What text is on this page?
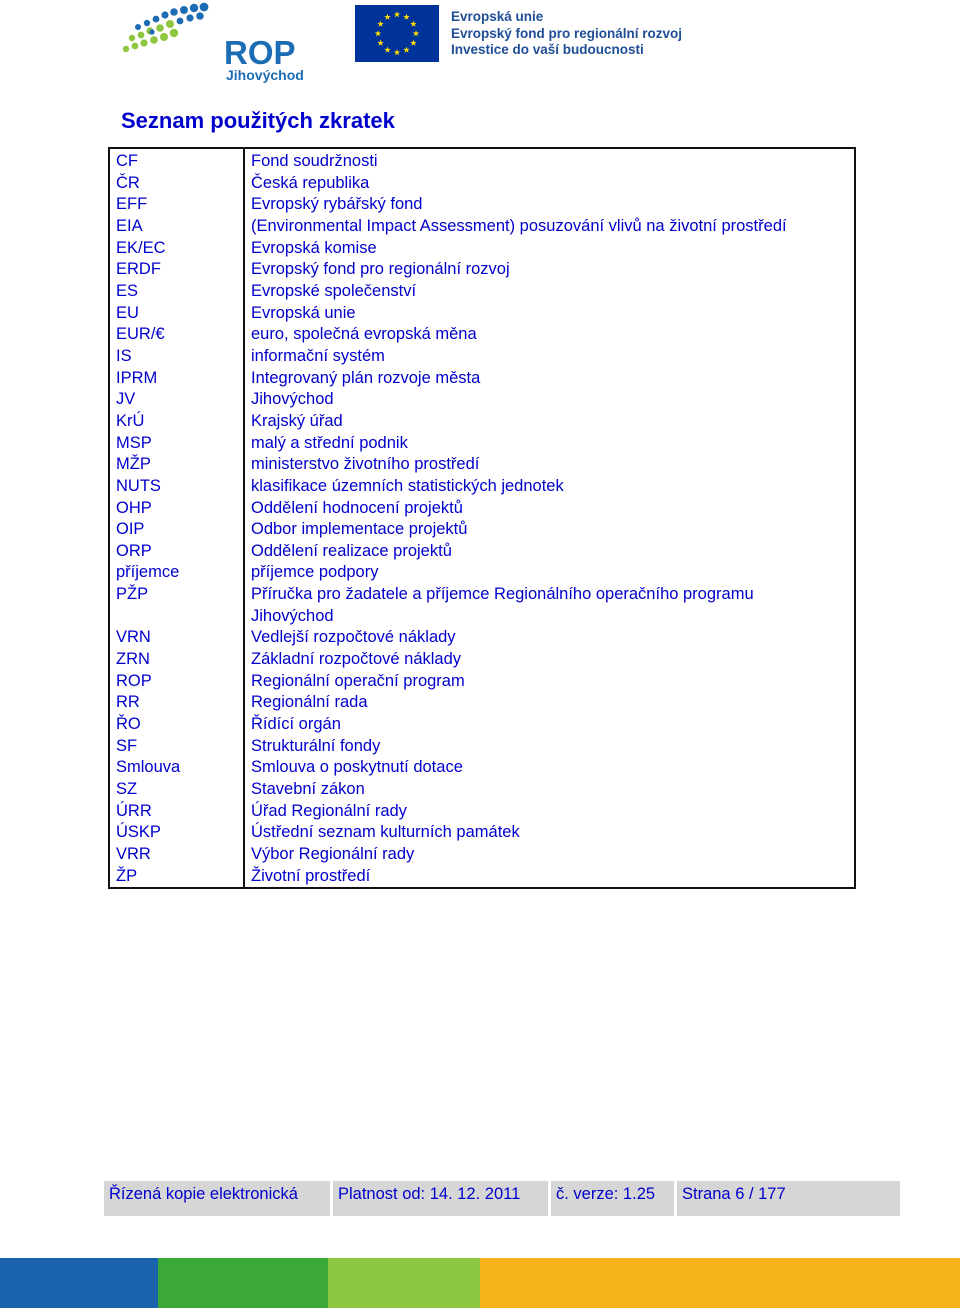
ROP
Jihovýchod
Evropská unie
Evropský fond pro regionální rozvoj
Investice do vaší budoucnosti
Seznam použitých zkratek
CF	Fond soudržnosti
ČR	Česká republika
EFF	Evropský rybářský fond
EIA	(Environmental Impact Assessment) posuzování vlivů na životní prostředí
EK/EC	Evropská komise
ERDF	Evropský fond pro regionální rozvoj
ES	Evropské společenství
EU	Evropská unie
EUR/€	euro, společná evropská měna
IS	informační systém
IPRM	Integrovaný plán rozvoje města
JV	Jihovýchod
KrÚ	Krajský úřad
MSP	malý a střední podnik
MŽP	ministerstvo životního prostředí
NUTS	klasifikace územních statistických jednotek
OHP	Oddělení hodnocení projektů
OIP	Odbor implementace projektů
ORP	Oddělení realizace projektů
příjemce	příjemce podpory
PŽP	Příručka pro žadatele a příjemce Regionálního operačního programu
Jihovýchod
VRN	Vedlejší rozpočtové náklady
ZRN	Základní rozpočtové náklady
ROP	Regionální operační program
RR	Regionální rada
ŘO	Řídící orgán
SF	Strukturální fondy
Smlouva	Smlouva o poskytnutí dotace
SZ	Stavební zákon
ÚRR	Úřad Regionální rady
ÚSKP	Ústřední seznam kulturních památek
VRR	Výbor Regionální rady
ŽP	Životní prostředí
Řízená kopie elektronická	Platnost od: 14. 12. 2011	č. verze: 1.25	Strana 6 / 177
